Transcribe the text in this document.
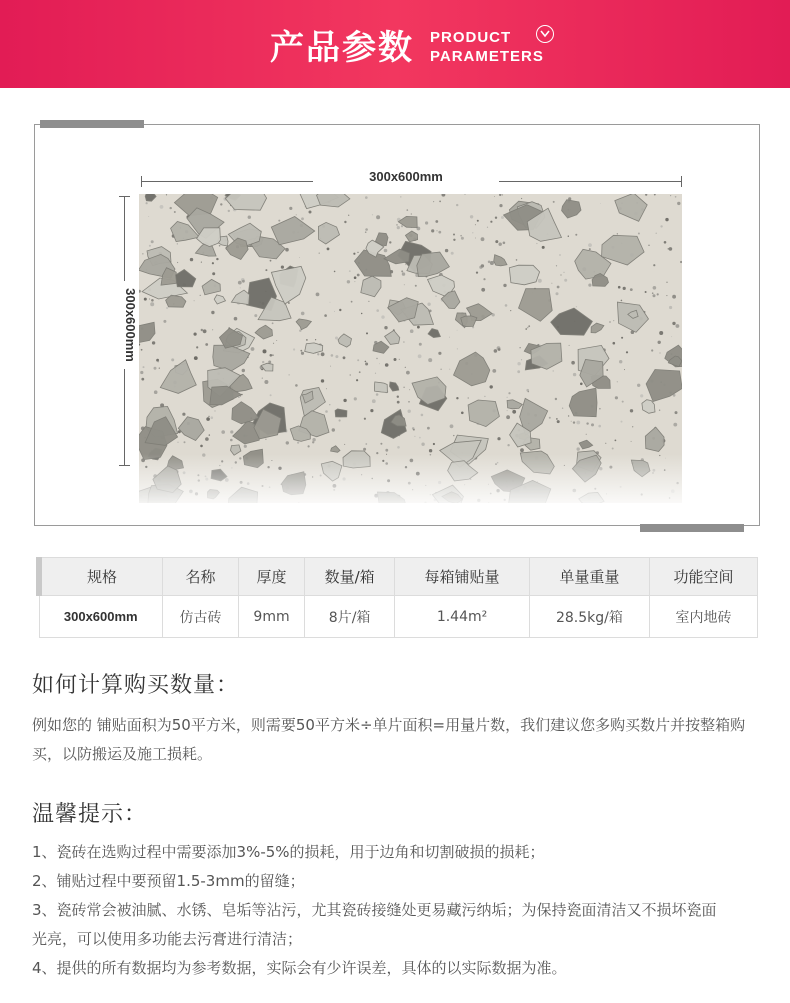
产品参数 PRODUCT
PARAMETERS
300x600mm
300x600mm
规格	名称	厚度	数量/箱	每箱铺贴量	单量重量	功能空间
300x600mm	仿古砖	9mm	8片/箱	1.44m²	28.5kg/箱	室内地砖
如何计算购买数量：
例如您的 铺贴面积为50平方米，则需要50平方米÷单片面积=用量片数，我们建议您多购买数片并按整箱购买，以防搬运及施工损耗。
温馨提示：
1、瓷砖在选购过程中需要添加3%-5%的损耗，用于边角和切割破损的损耗；
2、铺贴过程中要预留1.5-3mm的留缝；
3、瓷砖常会被油腻、水锈、皂垢等沾污，尤其瓷砖接缝处更易藏污纳垢；为保持瓷面清洁又不损坏瓷面光亮，可以使用多功能去污膏进行清洁；
4、提供的所有数据均为参考数据，实际会有少许误差，具体的以实际数据为准。
